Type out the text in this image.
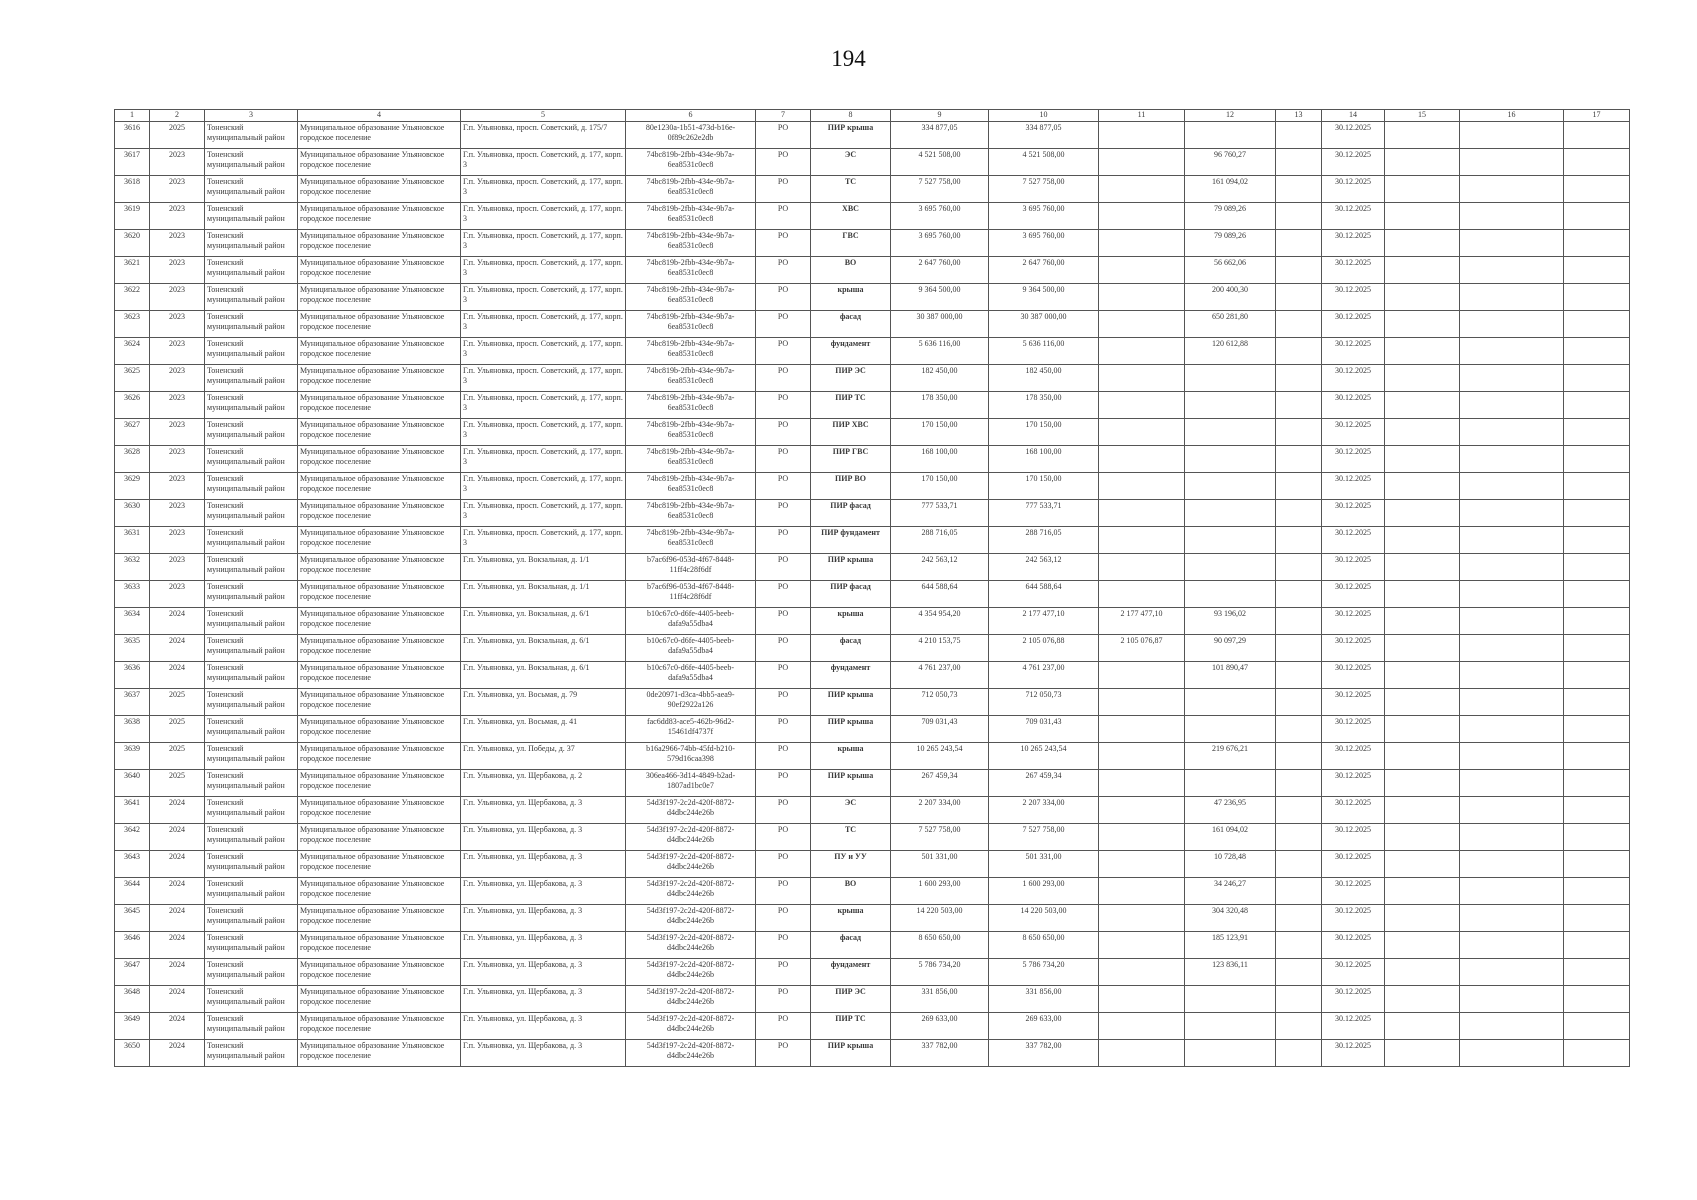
194
1	2	3	4	5	6	7	8	9	10	11	12	13	14	15	16	17
3616	2025	Тоненский муниципальный район	Муниципальное образование Ульяновское городское поселение	Г.п. Ульяновка, просп. Советский, д. 175/7	80e1230a-1b51-473d-b16e-0f89c262e2db	РО	ПИР крыша	334 877,05	334 877,05				30.12.2025			
3617	2023	Тоненский муниципальный район	Муниципальное образование Ульяновское городское поселение	Г.п. Ульяновка, просп. Советский, д. 177, корп. 3	74bc819b-2fbb-434e-9b7a-6ea8531c0ec8	РО	ЭС	4 521 508,00	4 521 508,00		96 760,27		30.12.2025			
3618	2023	Тоненский муниципальный район	Муниципальное образование Ульяновское городское поселение	Г.п. Ульяновка, просп. Советский, д. 177, корп. 3	74bc819b-2fbb-434e-9b7a-6ea8531c0ec8	РО	ТС	7 527 758,00	7 527 758,00		161 094,02		30.12.2025			
3619	2023	Тоненский муниципальный район	Муниципальное образование Ульяновское городское поселение	Г.п. Ульяновка, просп. Советский, д. 177, корп. 3	74bc819b-2fbb-434e-9b7a-6ea8531c0ec8	РО	ХВС	3 695 760,00	3 695 760,00		79 089,26		30.12.2025			
3620	2023	Тоненский муниципальный район	Муниципальное образование Ульяновское городское поселение	Г.п. Ульяновка, просп. Советский, д. 177, корп. 3	74bc819b-2fbb-434e-9b7a-6ea8531c0ec8	РО	ГВС	3 695 760,00	3 695 760,00		79 089,26		30.12.2025			
3621	2023	Тоненский муниципальный район	Муниципальное образование Ульяновское городское поселение	Г.п. Ульяновка, просп. Советский, д. 177, корп. 3	74bc819b-2fbb-434e-9b7a-6ea8531c0ec8	РО	ВО	2 647 760,00	2 647 760,00		56 662,06		30.12.2025			
3622	2023	Тоненский муниципальный район	Муниципальное образование Ульяновское городское поселение	Г.п. Ульяновка, просп. Советский, д. 177, корп. 3	74bc819b-2fbb-434e-9b7a-6ea8531c0ec8	РО	крыша	9 364 500,00	9 364 500,00		200 400,30		30.12.2025			
3623	2023	Тоненский муниципальный район	Муниципальное образование Ульяновское городское поселение	Г.п. Ульяновка, просп. Советский, д. 177, корп. 3	74bc819b-2fbb-434e-9b7a-6ea8531c0ec8	РО	фасад	30 387 000,00	30 387 000,00		650 281,80		30.12.2025			
3624	2023	Тоненский муниципальный район	Муниципальное образование Ульяновское городское поселение	Г.п. Ульяновка, просп. Советский, д. 177, корп. 3	74bc819b-2fbb-434e-9b7a-6ea8531c0ec8	РО	фундамент	5 636 116,00	5 636 116,00		120 612,88		30.12.2025			
3625	2023	Тоненский муниципальный район	Муниципальное образование Ульяновское городское поселение	Г.п. Ульяновка, просп. Советский, д. 177, корп. 3	74bc819b-2fbb-434e-9b7a-6ea8531c0ec8	РО	ПИР ЭС	182 450,00	182 450,00				30.12.2025			
3626	2023	Тоненский муниципальный район	Муниципальное образование Ульяновское городское поселение	Г.п. Ульяновка, просп. Советский, д. 177, корп. 3	74bc819b-2fbb-434e-9b7a-6ea8531c0ec8	РО	ПИР ТС	178 350,00	178 350,00				30.12.2025			
3627	2023	Тоненский муниципальный район	Муниципальное образование Ульяновское городское поселение	Г.п. Ульяновка, просп. Советский, д. 177, корп. 3	74bc819b-2fbb-434e-9b7a-6ea8531c0ec8	РО	ПИР ХВС	170 150,00	170 150,00				30.12.2025			
3628	2023	Тоненский муниципальный район	Муниципальное образование Ульяновское городское поселение	Г.п. Ульяновка, просп. Советский, д. 177, корп. 3	74bc819b-2fbb-434e-9b7a-6ea8531c0ec8	РО	ПИР ГВС	168 100,00	168 100,00				30.12.2025			
3629	2023	Тоненский муниципальный район	Муниципальное образование Ульяновское городское поселение	Г.п. Ульяновка, просп. Советский, д. 177, корп. 3	74bc819b-2fbb-434e-9b7a-6ea8531c0ec8	РО	ПИР ВО	170 150,00	170 150,00				30.12.2025			
3630	2023	Тоненский муниципальный район	Муниципальное образование Ульяновское городское поселение	Г.п. Ульяновка, просп. Советский, д. 177, корп. 3	74bc819b-2fbb-434e-9b7a-6ea8531c0ec8	РО	ПИР фасад	777 533,71	777 533,71				30.12.2025			
3631	2023	Тоненский муниципальный район	Муниципальное образование Ульяновское городское поселение	Г.п. Ульяновка, просп. Советский, д. 177, корп. 3	74bc819b-2fbb-434e-9b7a-6ea8531c0ec8	РО	ПИР фундамент	288 716,05	288 716,05				30.12.2025			
3632	2023	Тоненский муниципальный район	Муниципальное образование Ульяновское городское поселение	Г.п. Ульяновка, ул. Вокзальная, д. 1/1	b7ac6f96-053d-4f67-8448-11ff4c28f6df	РО	ПИР крыша	242 563,12	242 563,12				30.12.2025			
3633	2023	Тоненский муниципальный район	Муниципальное образование Ульяновское городское поселение	Г.п. Ульяновка, ул. Вокзальная, д. 1/1	b7ac6f96-053d-4f67-8448-11ff4c28f6df	РО	ПИР фасад	644 588,64	644 588,64				30.12.2025			
3634	2024	Тоненский муниципальный район	Муниципальное образование Ульяновское городское поселение	Г.п. Ульяновка, ул. Вокзальная, д. 6/1	b10c67c0-d6fe-4405-beeb-dafa9a55dba4	РО	крыша	4 354 954,20	2 177 477,10	2 177 477,10	93 196,02		30.12.2025			
3635	2024	Тоненский муниципальный район	Муниципальное образование Ульяновское городское поселение	Г.п. Ульяновка, ул. Вокзальная, д. 6/1	b10c67c0-d6fe-4405-beeb-dafa9a55dba4	РО	фасад	4 210 153,75	2 105 076,88	2 105 076,87	90 097,29		30.12.2025			
3636	2024	Тоненский муниципальный район	Муниципальное образование Ульяновское городское поселение	Г.п. Ульяновка, ул. Вокзальная, д. 6/1	b10c67c0-d6fe-4405-beeb-dafa9a55dba4	РО	фундамент	4 761 237,00	4 761 237,00		101 890,47		30.12.2025			
3637	2025	Тоненский муниципальный район	Муниципальное образование Ульяновское городское поселение	Г.п. Ульяновка, ул. Восьмая, д. 79	0de20971-d3ca-4bb5-aea9-90ef2922a126	РО	ПИР крыша	712 050,73	712 050,73				30.12.2025			
3638	2025	Тоненский муниципальный район	Муниципальное образование Ульяновское городское поселение	Г.п. Ульяновка, ул. Восьмая, д. 41	fac6dd83-ace5-462b-96d2-15461df4737f	РО	ПИР крыша	709 031,43	709 031,43				30.12.2025			
3639	2025	Тоненский муниципальный район	Муниципальное образование Ульяновское городское поселение	Г.п. Ульяновка, ул. Победы, д. 37	b16a2966-74bb-45fd-b210-579d16caa398	РО	крыша	10 265 243,54	10 265 243,54		219 676,21		30.12.2025			
3640	2025	Тоненский муниципальный район	Муниципальное образование Ульяновское городское поселение	Г.п. Ульяновка, ул. Щербакова, д. 2	306ea466-3d14-4849-b2ad-1807ad1bc0e7	РО	ПИР крыша	267 459,34	267 459,34				30.12.2025			
3641	2024	Тоненский муниципальный район	Муниципальное образование Ульяновское городское поселение	Г.п. Ульяновка, ул. Щербакова, д. 3	54d3f197-2c2d-420f-8872-d4dbc244e26b	РО	ЭС	2 207 334,00	2 207 334,00		47 236,95		30.12.2025			
3642	2024	Тоненский муниципальный район	Муниципальное образование Ульяновское городское поселение	Г.п. Ульяновка, ул. Щербакова, д. 3	54d3f197-2c2d-420f-8872-d4dbc244e26b	РО	ТС	7 527 758,00	7 527 758,00		161 094,02		30.12.2025			
3643	2024	Тоненский муниципальный район	Муниципальное образование Ульяновское городское поселение	Г.п. Ульяновка, ул. Щербакова, д. 3	54d3f197-2c2d-420f-8872-d4dbc244e26b	РО	ПУ и УУ	501 331,00	501 331,00		10 728,48		30.12.2025			
3644	2024	Тоненский муниципальный район	Муниципальное образование Ульяновское городское поселение	Г.п. Ульяновка, ул. Щербакова, д. 3	54d3f197-2c2d-420f-8872-d4dbc244e26b	РО	ВО	1 600 293,00	1 600 293,00		34 246,27		30.12.2025			
3645	2024	Тоненский муниципальный район	Муниципальное образование Ульяновское городское поселение	Г.п. Ульяновка, ул. Щербакова, д. 3	54d3f197-2c2d-420f-8872-d4dbc244e26b	РО	крыша	14 220 503,00	14 220 503,00		304 320,48		30.12.2025			
3646	2024	Тоненский муниципальный район	Муниципальное образование Ульяновское городское поселение	Г.п. Ульяновка, ул. Щербакова, д. 3	54d3f197-2c2d-420f-8872-d4dbc244e26b	РО	фасад	8 650 650,00	8 650 650,00		185 123,91		30.12.2025			
3647	2024	Тоненский муниципальный район	Муниципальное образование Ульяновское городское поселение	Г.п. Ульяновка, ул. Щербакова, д. 3	54d3f197-2c2d-420f-8872-d4dbc244e26b	РО	фундамент	5 786 734,20	5 786 734,20		123 836,11		30.12.2025			
3648	2024	Тоненский муниципальный район	Муниципальное образование Ульяновское городское поселение	Г.п. Ульяновка, ул. Щербакова, д. 3	54d3f197-2c2d-420f-8872-d4dbc244e26b	РО	ПИР ЭС	331 856,00	331 856,00				30.12.2025			
3649	2024	Тоненский муниципальный район	Муниципальное образование Ульяновское городское поселение	Г.п. Ульяновка, ул. Щербакова, д. 3	54d3f197-2c2d-420f-8872-d4dbc244e26b	РО	ПИР ТС	269 633,00	269 633,00				30.12.2025			
3650	2024	Тоненский муниципальный район	Муниципальное образование Ульяновское городское поселение	Г.п. Ульяновка, ул. Щербакова, д. 3	54d3f197-2c2d-420f-8872-d4dbc244e26b	РО	ПИР крыша	337 782,00	337 782,00				30.12.2025			
